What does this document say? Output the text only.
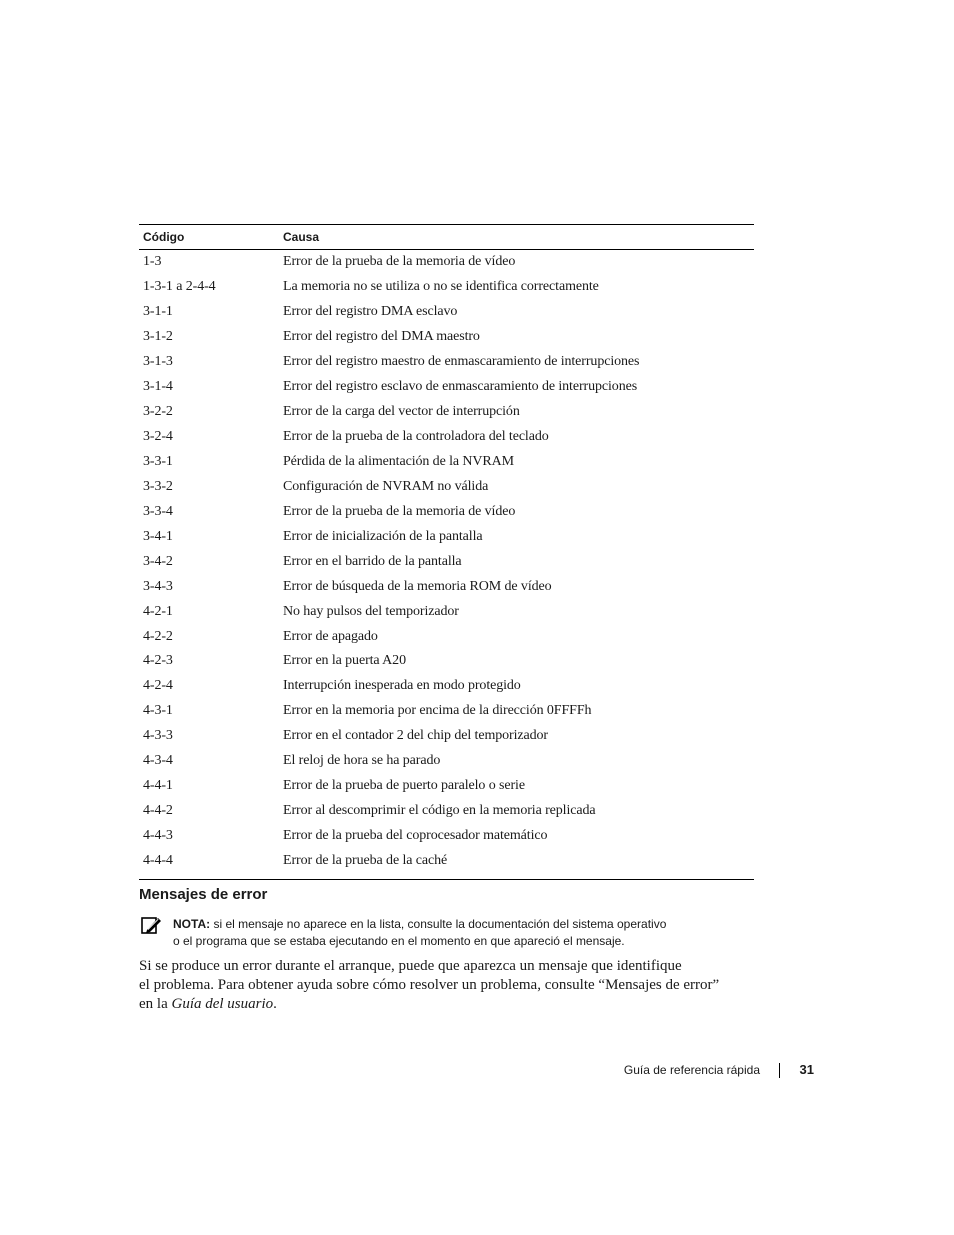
Código	Causa
1-3	Error de la prueba de la memoria de vídeo
1-3-1 a 2-4-4	La memoria no se utiliza o no se identifica correctamente
3-1-1	Error del registro DMA esclavo
3-1-2	Error del registro del DMA maestro
3-1-3	Error del registro maestro de enmascaramiento de interrupciones
3-1-4	Error del registro esclavo de enmascaramiento de interrupciones
3-2-2	Error de la carga del vector de interrupción
3-2-4	Error de la prueba de la controladora del teclado
3-3-1	Pérdida de la alimentación de la NVRAM
3-3-2	Configuración de NVRAM no válida
3-3-4	Error de la prueba de la memoria de vídeo
3-4-1	Error de inicialización de la pantalla
3-4-2	Error en el barrido de la pantalla
3-4-3	Error de búsqueda de la memoria ROM de vídeo
4-2-1	No hay pulsos del temporizador
4-2-2	Error de apagado
4-2-3	Error en la puerta A20
4-2-4	Interrupción inesperada en modo protegido
4-3-1	Error en la memoria por encima de la dirección 0FFFFh
4-3-3	Error en el contador 2 del chip del temporizador
4-3-4	El reloj de hora se ha parado
4-4-1	Error de la prueba de puerto paralelo o serie
4-4-2	Error al descomprimir el código en la memoria replicada
4-4-3	Error de la prueba del coprocesador matemático
4-4-4	Error de la prueba de la caché
Mensajes de error
NOTA: si el mensaje no aparece en la lista, consulte la documentación del sistema operativo
o el programa que se estaba ejecutando en el momento en que apareció el mensaje.

Si se produce un error durante el arranque, puede que aparezca un mensaje que identifique
el problema. Para obtener ayuda sobre cómo resolver un problema, consulte “Mensajes de error”
en la Guía del usuario.

Guía de referencia rápida	31
